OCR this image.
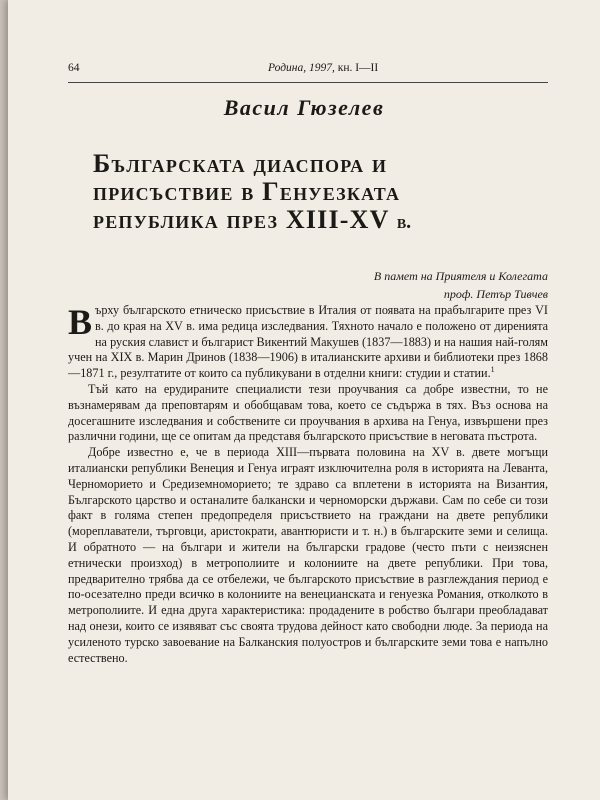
64	Родина, 1997, кн. I—II
Васил Гюзелев
Българската диаспора и
присъствие в Генуезката
република през XIII-XV в.
В памет на Приятеля и Колегата
проф. Петър Тивчев

Върху българското етническо присъствие в Италия от появата на прабългарите през VI в. до края на XV в. има редица изследвания. Тяхното начало е положено от дирениятa на руския славист и българист Викентий Макушев (1837—1883) и на нашия най-голям учен на XIX в. Марин Дринов (1838—1906) в италианските архиви и библиотеки през 1868—1871 г., резултатите от които са публикувани в отделни книги: студии и статии.$^1$

Тъй като на ерудираните специалисти тези проучвания са добре известни, то не възнамерявам да преповтарям и обобщавам това, което се съдържа в тях. Въз основа на досегашните изследвания и собствените си проучвания в архива на Генуа, извършени през различни години, ще се опитам да представя българското присъствие в неговата пъстрота.

Добре известно е, че в периода XIII—първата половина на XV в. двете могъщи италиански републики Венеция и Генуа играят изключителна роля в историята на Леванта, Черноморието и Средиземноморието; те здраво са вплетени в историята на Византия, Българското царство и останалите балкански и черноморски държави. Сам по себе си този факт в голяма степен предопределя присъствието на граждани на двете републики (мореплаватели, търговци, аристократи, авантюристи и т. н.) в българските земи и селища. И обратното — на българи и жители на български градове (често пъти с неизяснен етнически произход) в метрополиите и колониите на двете републики. При това, предварително трябва да се отбележи, че българското присъствие в разглеждания период е по-осезателно преди всичко в колониите на венецианската и генуезка Романия, отколкото в метрополиите. И една друга характеристика: продадените в робство българи преобладават над онези, които се изявяват със своята трудова дейност като свободни люде. За периода на усиленото турско завоевание на Балканския полуостров и българските земи това е напълно естествено.
